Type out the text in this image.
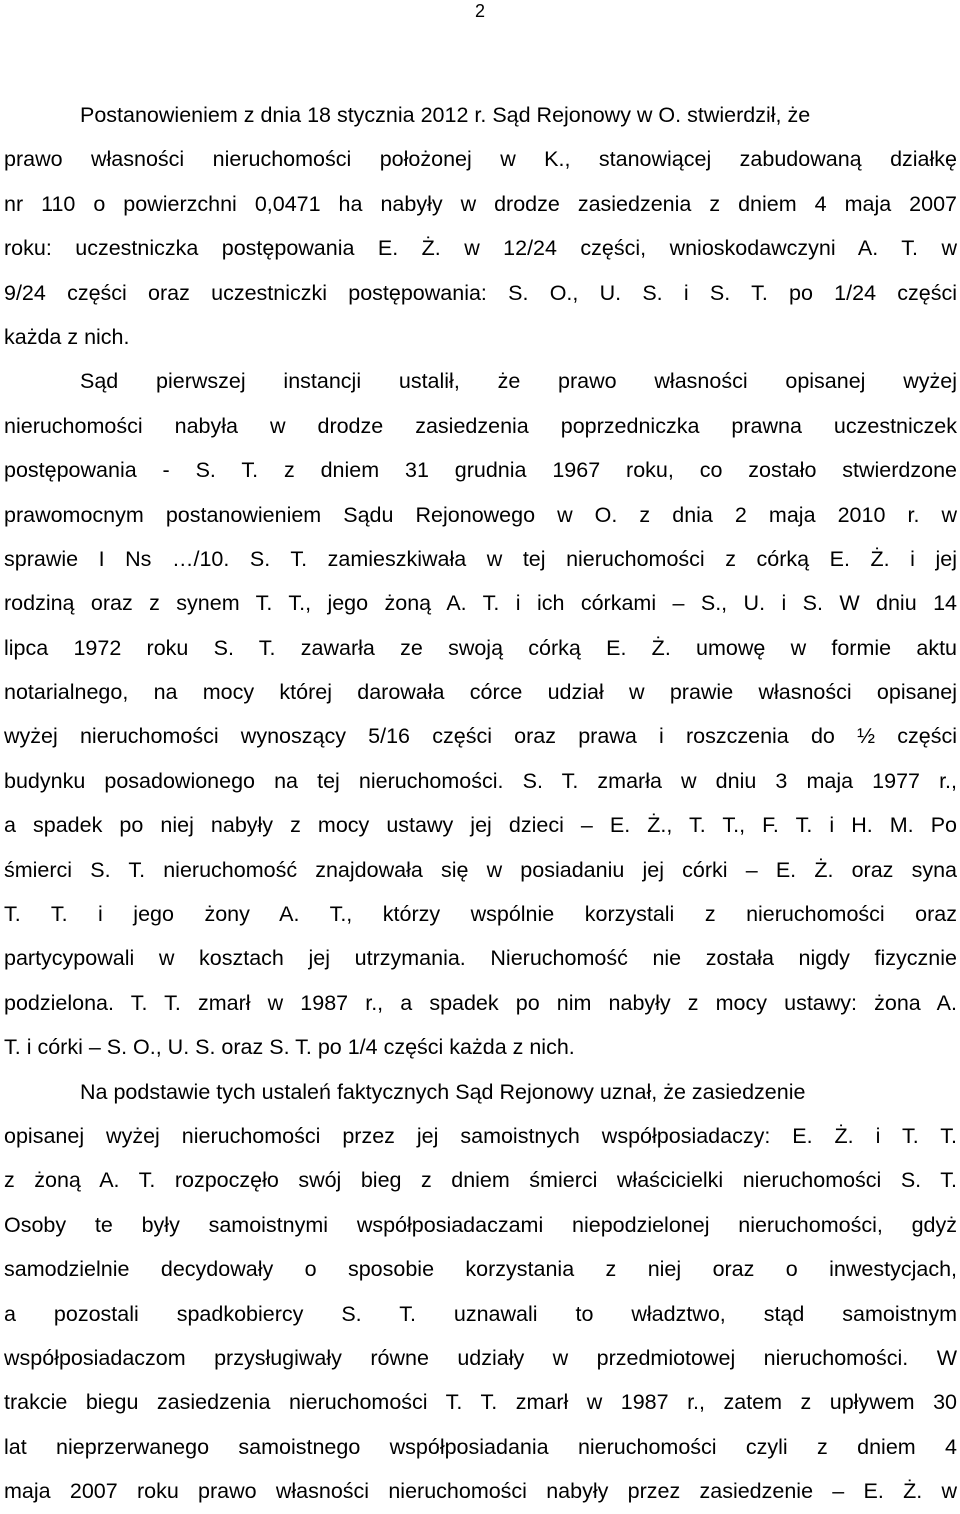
2
Postanowieniem z dnia 18 stycznia 2012 r. Sąd Rejonowy w O. stwierdził, że
prawo własności nieruchomości położonej w K., stanowiącej zabudowaną działkę
nr 110 o powierzchni 0,0471 ha nabyły w drodze zasiedzenia z dniem 4 maja 2007
roku: uczestniczka postępowania E. Ż. w 12/24 części, wnioskodawczyni A. T. w
9/24 części oraz uczestniczki postępowania: S. O., U. S. i S. T. po 1/24 części
każda z nich.
Sąd pierwszej instancji ustalił, że prawo własności opisanej wyżej
nieruchomości nabyła w drodze zasiedzenia poprzedniczka prawna uczestniczek
postępowania - S. T. z dniem 31 grudnia 1967 roku, co zostało stwierdzone
prawomocnym postanowieniem Sądu Rejonowego w O. z dnia 2 maja 2010 r. w
sprawie I Ns …/10. S. T. zamieszkiwała w tej nieruchomości z córką E. Ż. i jej
rodziną oraz z synem T. T., jego żoną A. T. i ich córkami – S., U. i S. W dniu 14
lipca 1972 roku S. T. zawarła ze swoją córką E. Ż. umowę w formie aktu
notarialnego, na mocy której darowała córce udział w prawie własności opisanej
wyżej nieruchomości wynoszący 5/16 części oraz prawa i roszczenia do ½ części
budynku posadowionego na tej nieruchomości. S. T. zmarła w dniu 3 maja 1977 r.,
a spadek po niej nabyły z mocy ustawy jej dzieci – E. Ż., T. T., F. T. i H. M. Po
śmierci S. T. nieruchomość znajdowała się w posiadaniu jej córki – E. Ż. oraz syna
T. T. i jego żony A. T., którzy wspólnie korzystali z nieruchomości oraz
partycypowali w kosztach jej utrzymania. Nieruchomość nie została nigdy fizycznie
podzielona. T. T. zmarł w 1987 r., a spadek po nim nabyły z mocy ustawy: żona A.
T. i córki – S. O., U. S. oraz S. T. po 1/4 części każda z nich.
Na podstawie tych ustaleń faktycznych Sąd Rejonowy uznał, że zasiedzenie
opisanej wyżej nieruchomości przez jej samoistnych współposiadaczy: E. Ż. i T. T.
z żoną A. T. rozpoczęło swój bieg z dniem śmierci właścicielki nieruchomości S. T.
Osoby te były samoistnymi współposiadaczami niepodzielonej nieruchomości, gdyż
samodzielnie decydowały o sposobie korzystania z niej oraz o inwestycjach,
a pozostali spadkobiercy S. T. uznawali to władztwo, stąd samoistnym
współposiadaczom przysługiwały równe udziały w przedmiotowej nieruchomości. W
trakcie biegu zasiedzenia nieruchomości T. T. zmarł w 1987 r., zatem z upływem 30
lat nieprzerwanego samoistnego współposiadania nieruchomości czyli z dniem 4
maja 2007 roku prawo własności nieruchomości nabyły przez zasiedzenie – E. Ż. w
